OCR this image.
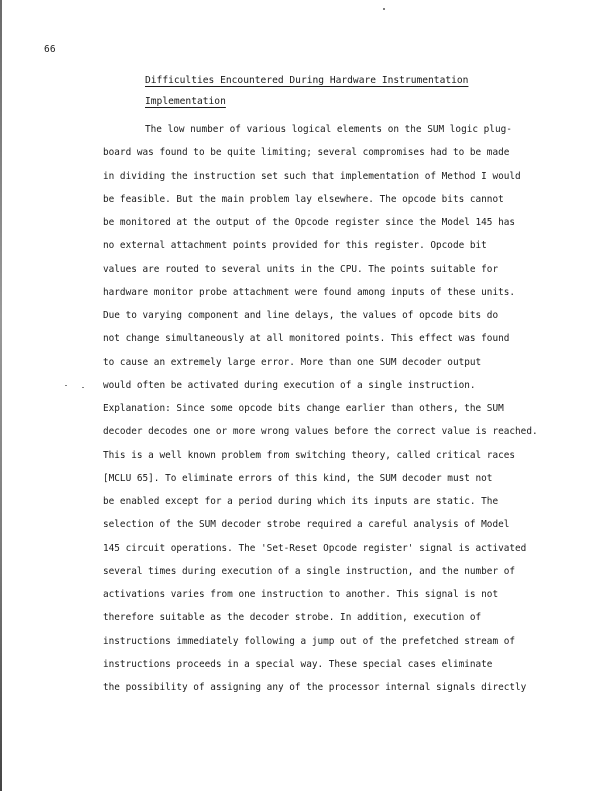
66
Difficulties Encountered During Hardware Instrumentation
Implementation
The low number of various logical elements on the SUM logic plug-
board was found to be quite limiting; several compromises had to be made
in dividing the instruction set such that implementation of Method I would
be feasible. But the main problem lay elsewhere. The opcode bits cannot
be monitored at the output of the Opcode register since the Model 145 has
no external attachment points provided for this register. Opcode bit
values are routed to several units in the CPU. The points suitable for
hardware monitor probe attachment were found among inputs of these units.
Due to varying component and line delays, the values of opcode bits do
not change simultaneously at all monitored points. This effect was found
to cause an extremely large error. More than one SUM decoder output
would often be activated during execution of a single instruction.
Explanation: Since some opcode bits change earlier than others, the SUM
decoder decodes one or more wrong values before the correct value is reached.
This is a well known problem from switching theory, called critical races
[MCLU 65]. To eliminate errors of this kind, the SUM decoder must not
be enabled except for a period during which its inputs are static. The
selection of the SUM decoder strobe required a careful analysis of Model
145 circuit operations. The 'Set-Reset Opcode register' signal is activated
several times during execution of a single instruction, and the number of
activations varies from one instruction to another. This signal is not
therefore suitable as the decoder strobe. In addition, execution of
instructions immediately following a jump out of the prefetched stream of
instructions proceeds in a special way. These special cases eliminate
the possibility of assigning any of the processor internal signals directly
